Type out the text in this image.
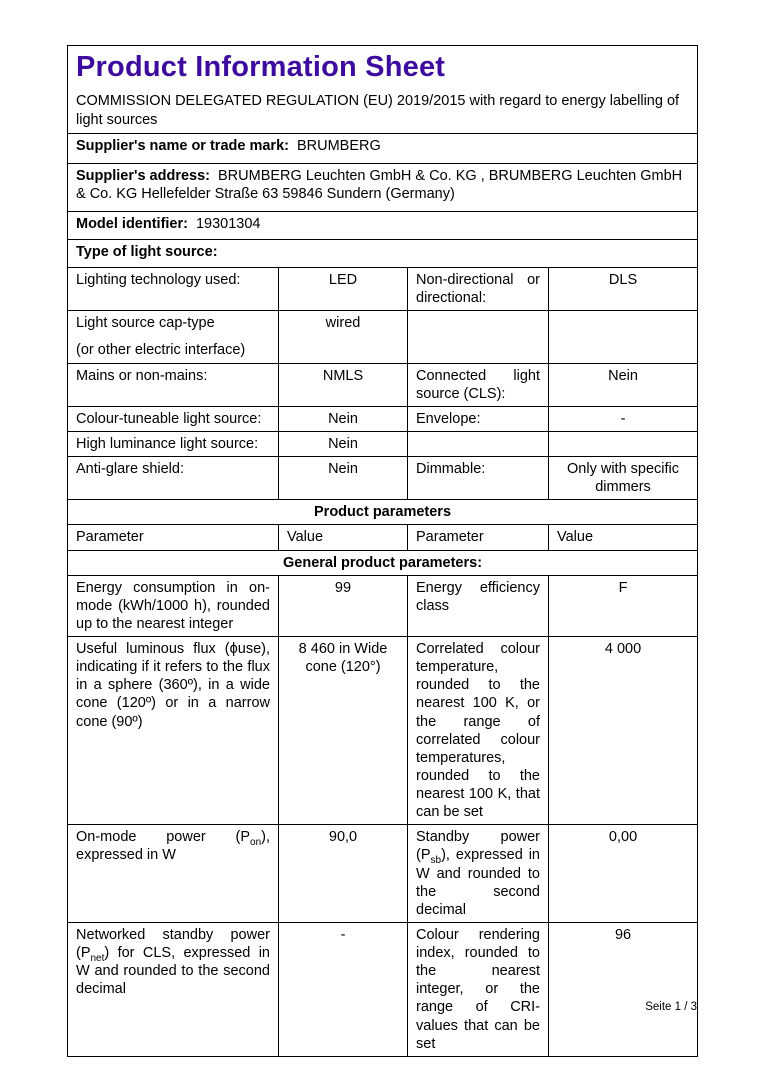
Product Information Sheet
COMMISSION DELEGATED REGULATION (EU) 2019/2015 with regard to energy labelling of light sources			

Supplier's name or trade mark: BRUMBERG			
Supplier's address: BRUMBERG Leuchten GmbH & Co. KG , BRUMBERG Leuchten GmbH & Co. KG Hellefelder Straße 63 59846 Sundern (Germany)			
Model identifier: 19301304			
Type of light source:			
Lighting technology used:	LED	Non-directional or directional:	DLS

Light source cap-type
(or other electric interface)	wired		
Mains or non-mains:	NMLS	Connected light source (CLS):	Nein
Colour-tuneable light source:	Nein	Envelope:	-
High luminance light source:	Nein		
Anti-glare shield:	Nein	Dimmable:	Only with specific dimmers
Product parameters			
Parameter	Value	Parameter	Value
General product parameters:			
Energy consumption in on-mode (kWh/1000 h), rounded up to the nearest integer	99	Energy efficiency class	F
Useful luminous flux (ϕuse), indicating if it refers to the flux in a sphere (360º), in a wide cone (120º) or in a narrow cone (90º)	8 460 in Wide cone (120°)	Correlated colour temperature, rounded to the nearest 100 K, or the range of correlated colour temperatures, rounded to the nearest 100 K, that can be set	4 000
On-mode power $(P_{on})$, expressed in W	90,0	Standby power $(P_{sb})$, expressed in W and rounded to the second decimal	0,00
Networked standby power $(P_{net})$ for CLS, expressed in W and rounded to the second decimal	-	Colour rendering index, rounded to the nearest integer, or the range of CRI-values that can be set	96
Seite 1 / 3
